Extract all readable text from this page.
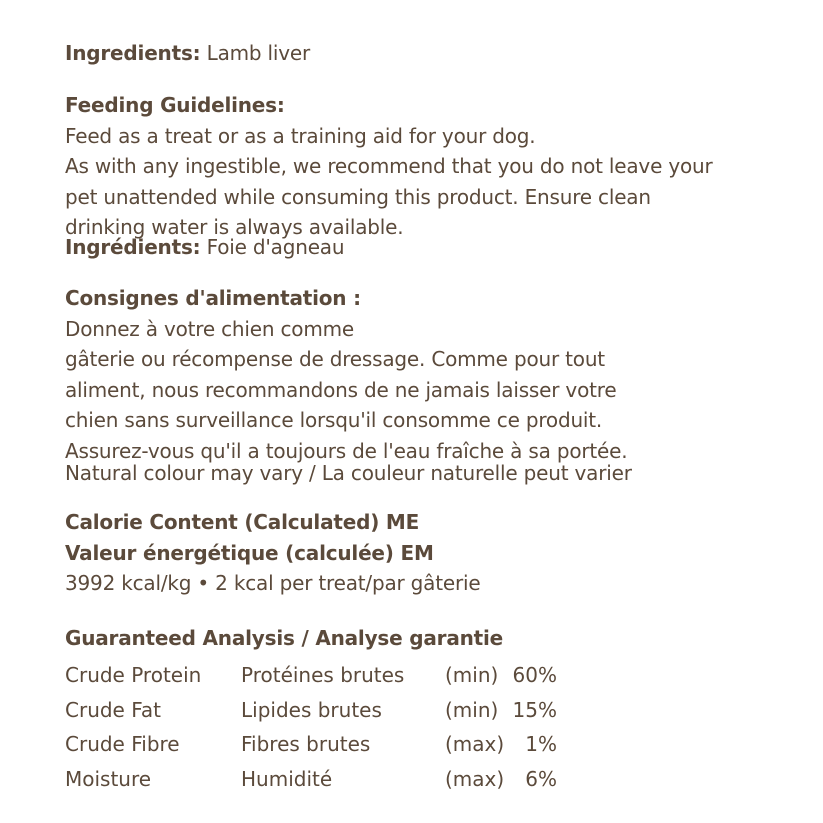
Ingredients: Lamb liver
Feeding Guidelines:
Feed as a treat or as a training aid for your dog.
As with any ingestible, we recommend that you do not leave your
pet unattended while consuming this product. Ensure clean
drinking water is always available.
Ingrédients: Foie d'agneau
Consignes d'alimentation :
Donnez à votre chien comme
gâterie ou récompense de dressage. Comme pour tout
aliment, nous recommandons de ne jamais laisser votre
chien sans surveillance lorsqu'il consomme ce produit.
Assurez-vous qu'il a toujours de l'eau fraîche à sa portée.
Natural colour may vary / La couleur naturelle peut varier
Calorie Content (Calculated) ME
Valeur énergétique (calculée) EM
3992 kcal/kg • 2 kcal per treat/par gâterie
Guaranteed Analysis / Analyse garantie
Crude Protein	Protéines brutes	(min)	60%
Crude Fat	Lipides brutes	(min)	15%
Crude Fibre	Fibres brutes	(max)	1%
Moisture	Humidité	(max)	6%
